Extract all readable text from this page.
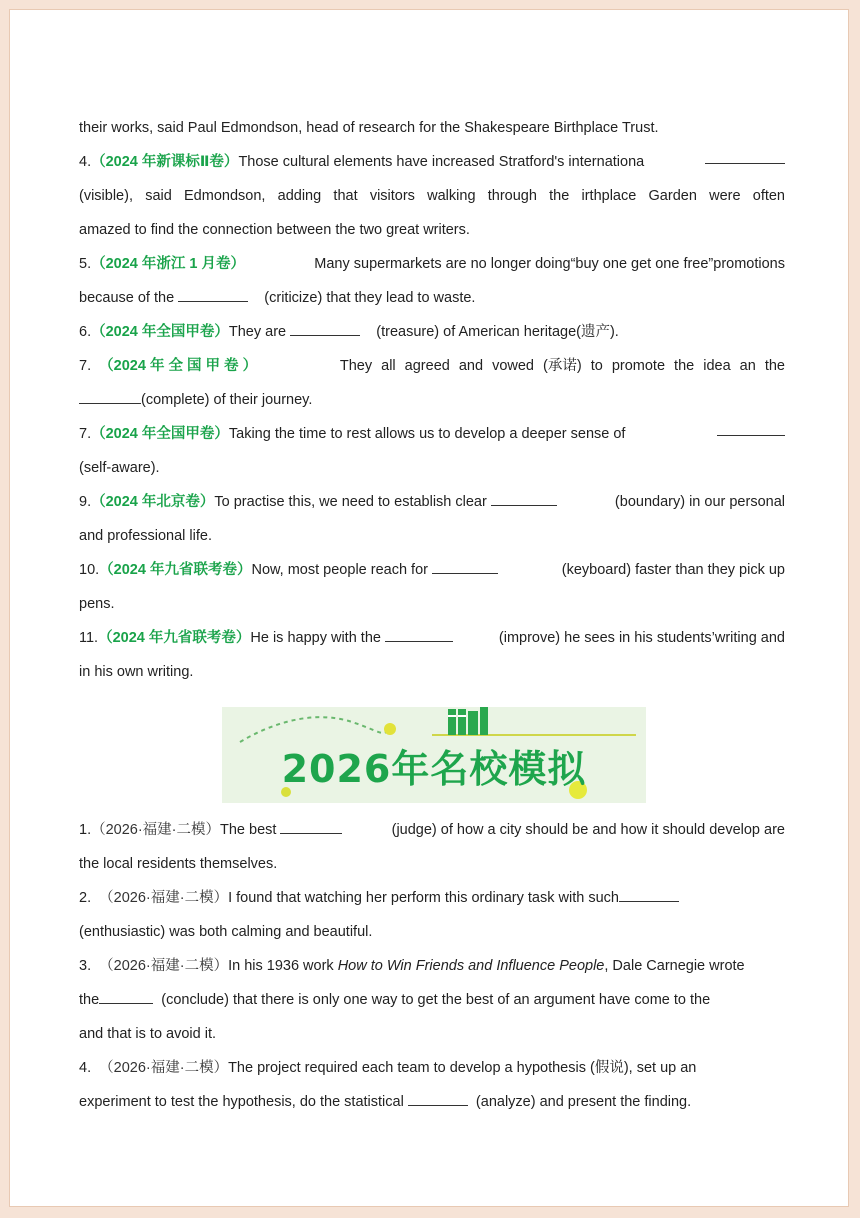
their works, said Paul Edmondson, head of research for the Shakespeare Birthplace Trust.
4.（2024 年新课标Ⅱ卷）Those cultural elements have increased Stratford's internationa
(visible), said Edmondson, adding that visitors walking through the irthplace Garden were often
amazed to find the connection between the two great writers.
5.（2024 年浙江 1 月卷）	Many supermarkets are no longer doing“buy one get one free”promotions
because of the	(criticize) that they lead to waste.
6.（2024 年全国甲卷）They are	(treasure) of American heritage(遗产).
7. （2024 年 全 国 甲 卷 ）	They all agreed and vowed (承诺) to promote the idea an the
(complete) of their journey.
7.（2024 年全国甲卷）Taking the time to rest allows us to develop a deeper sense of
(self-aware).
9.（2024 年北京卷）To practise this, we need to establish clear	(boundary) in our personal
and professional life.
10.（2024 年九省联考卷）Now, most people reach for	(keyboard) faster than they pick up
pens.
11.（2024 年九省联考卷）He is happy with the	(improve) he sees in his students’writing and
in his own writing.
2026年名校模拟
1.（2026·福建·二模）The best	(judge) of how a city should be and how it should develop are
the local residents themselves.
2. （2026·福建·二模）I found that watching her perform this ordinary task with such
(enthusiastic) was both calming and beautiful.
3. （2026·福建·二模）In his 1936 work How to Win Friends and Influence People, Dale Carnegie wrote
the	(conclude) that there is only one way to get the best of an argument have come to the
and that is to avoid it.
4. （2026·福建·二模）The project required each team to develop a hypothesis (假说), set up an
experiment to test the hypothesis, do the statistical	(analyze) and present the finding.
